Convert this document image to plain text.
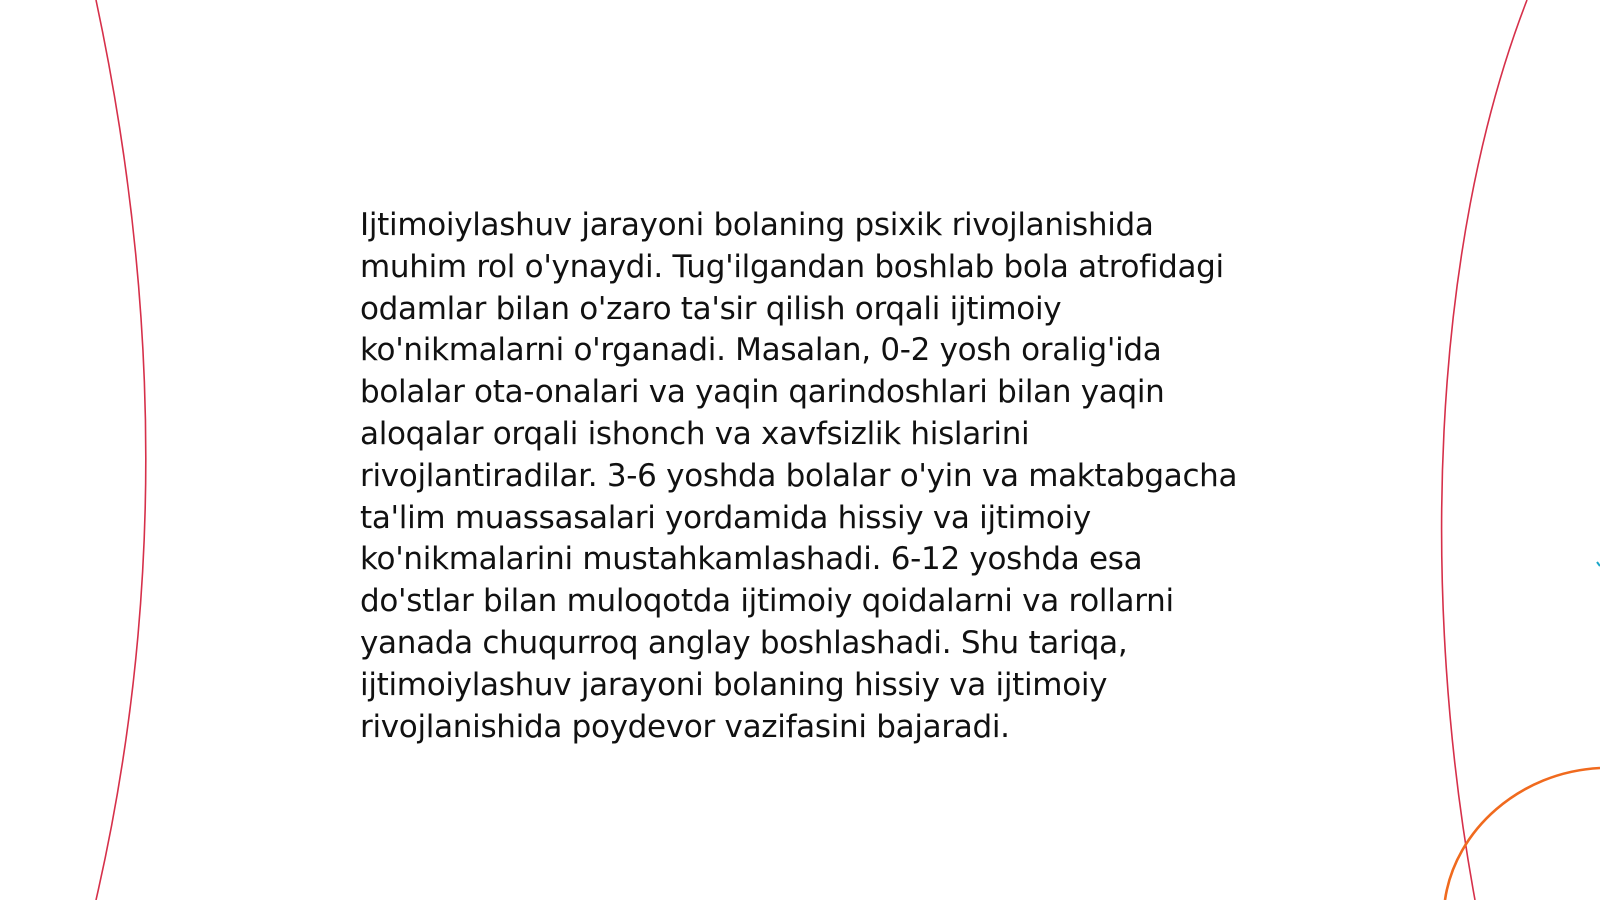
Ijtimoiylashuv jarayoni bolaning psixik rivojlanishida muhim rol o'ynaydi. Tug'ilgandan boshlab bola atrofidagi odamlar bilan o'zaro ta'sir qilish orqali ijtimoiy ko'nikmalarni o'rganadi. Masalan, 0-2 yosh oralig'ida bolalar ota-onalari va yaqin qarindoshlari bilan yaqin aloqalar orqali ishonch va xavfsizlik hislarini rivojlantiradilar. 3-6 yoshda bolalar o'yin va maktabgacha ta'lim muassasalari yordamida hissiy va ijtimoiy ko'nikmalarini mustahkamlashadi. 6-12 yoshda esa do'stlar bilan muloqotda ijtimoiy qoidalarni va rollarni yanada chuqurroq anglay boshlashadi. Shu tariqa, ijtimoiylashuv jarayoni bolaning hissiy va ijtimoiy rivojlanishida poydevor vazifasini bajaradi.
